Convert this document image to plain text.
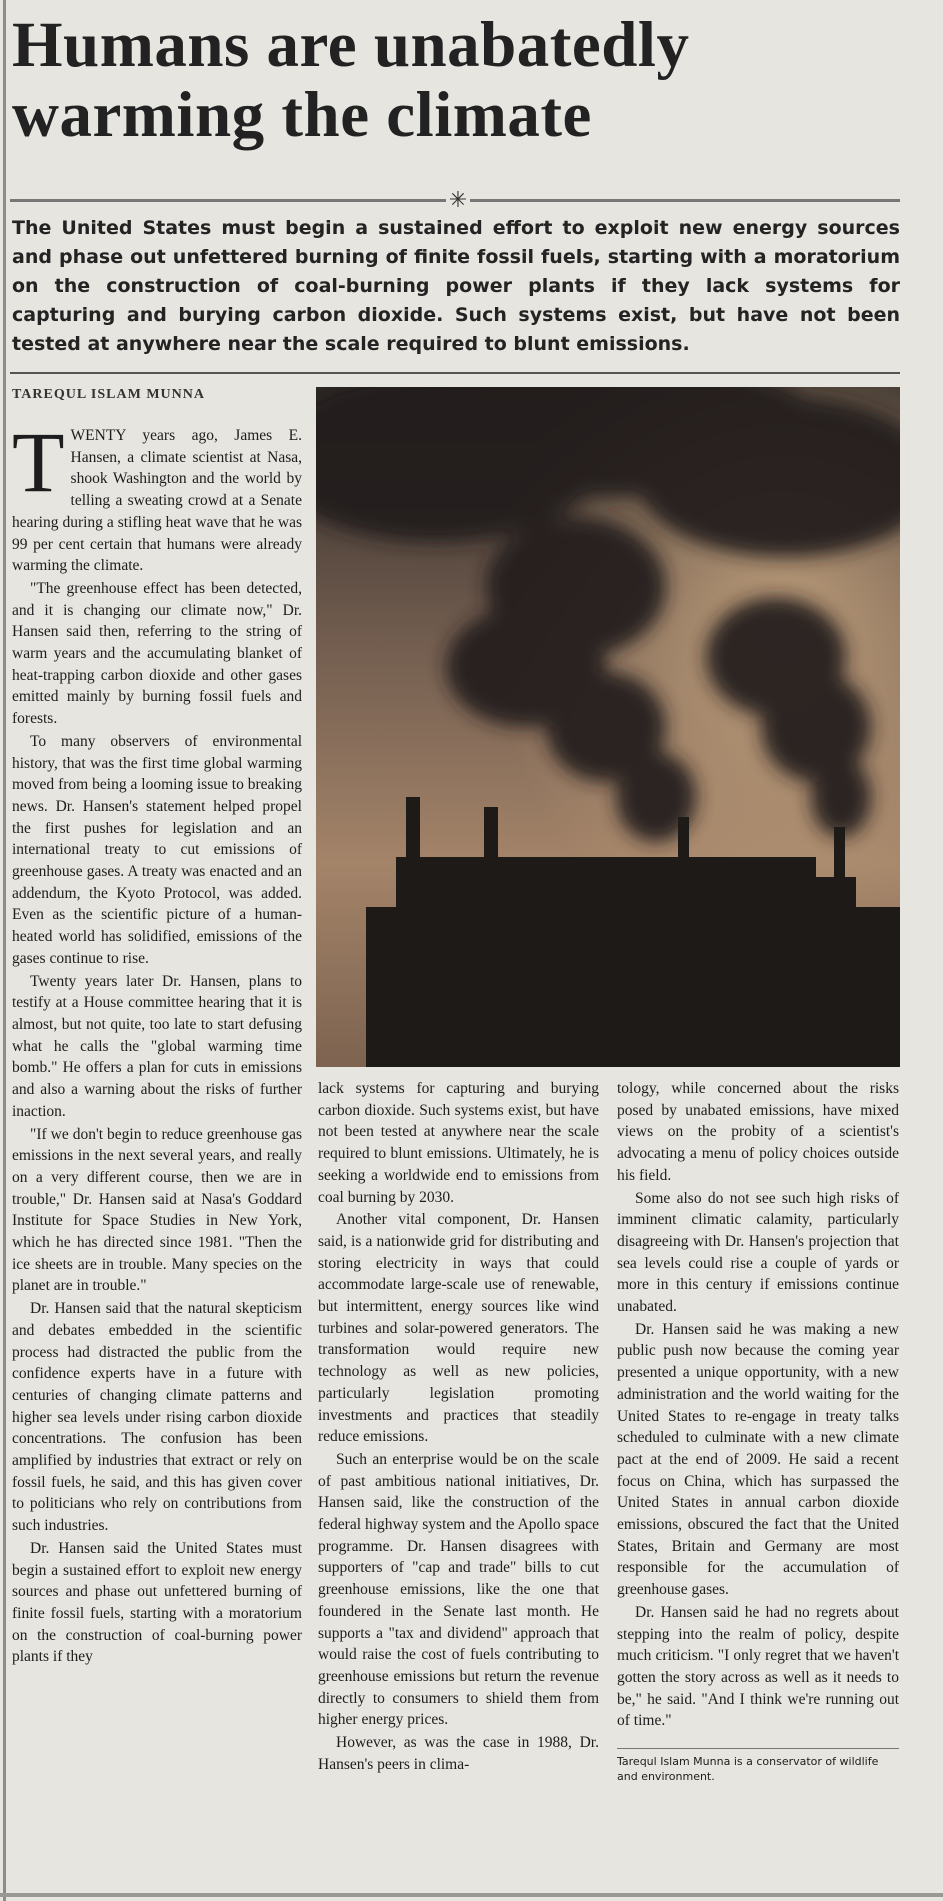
Humans are unabatedly warming the climate
✳

The United States must begin a sustained effort to exploit new energy sources and phase out unfettered burning of finite fossil fuels, starting with a moratorium on the construction of coal-burning power plants if they lack systems for capturing and burying carbon dioxide. Such systems exist, but have not been tested at anywhere near the scale required to blunt emissions.

TAREQUL ISLAM MUNNA

TWENTY years ago, James E. Hansen, a climate scientist at Nasa, shook Washington and the world by telling a sweating crowd at a Senate hearing during a stifling heat wave that he was 99 per cent certain that humans were already warming the climate.

"The greenhouse effect has been detected, and it is changing our climate now," Dr. Hansen said then, referring to the string of warm years and the accumulating blanket of heat-trapping carbon dioxide and other gases emitted mainly by burning fossil fuels and forests.

To many observers of environmental history, that was the first time global warming moved from being a looming issue to breaking news. Dr. Hansen's statement helped propel the first pushes for legislation and an international treaty to cut emissions of greenhouse gases. A treaty was enacted and an addendum, the Kyoto Protocol, was added. Even as the scientific picture of a human-heated world has solidified, emissions of the gases continue to rise.

Twenty years later Dr. Hansen, plans to testify at a House committee hearing that it is almost, but not quite, too late to start defusing what he calls the "global warming time bomb." He offers a plan for cuts in emissions and also a warning about the risks of further inaction.

"If we don't begin to reduce greenhouse gas emissions in the next several years, and really on a very different course, then we are in trouble," Dr. Hansen said at Nasa's Goddard Institute for Space Studies in New York, which he has directed since 1981. "Then the ice sheets are in trouble. Many species on the planet are in trouble."

Dr. Hansen said that the natural skepticism and debates embedded in the scientific process had distracted the public from the confidence experts have in a future with centuries of changing climate patterns and higher sea levels under rising carbon dioxide concentrations. The confusion has been amplified by industries that extract or rely on fossil fuels, he said, and this has given cover to politicians who rely on contributions from such industries.

Dr. Hansen said the United States must begin a sustained effort to exploit new energy sources and phase out unfettered burning of finite fossil fuels, starting with a moratorium on the construction of coal-burning power plants if they

lack systems for capturing and burying carbon dioxide. Such systems exist, but have not been tested at anywhere near the scale required to blunt emissions. Ultimately, he is seeking a worldwide end to emissions from coal burning by 2030.

Another vital component, Dr. Hansen said, is a nationwide grid for distributing and storing electricity in ways that could accommodate large-scale use of renewable, but intermittent, energy sources like wind turbines and solar-powered generators. The transformation would require new technology as well as new policies, particularly legislation promoting investments and practices that steadily reduce emissions.

Such an enterprise would be on the scale of past ambitious national initiatives, Dr. Hansen said, like the construction of the federal highway system and the Apollo space programme. Dr. Hansen disagrees with supporters of "cap and trade" bills to cut greenhouse emissions, like the one that foundered in the Senate last month. He supports a "tax and dividend" approach that would raise the cost of fuels contributing to greenhouse emissions but return the revenue directly to consumers to shield them from higher energy prices.

However, as was the case in 1988, Dr. Hansen's peers in clima-

tology, while concerned about the risks posed by unabated emissions, have mixed views on the probity of a scientist's advocating a menu of policy choices outside his field.

Some also do not see such high risks of imminent climatic calamity, particularly disagreeing with Dr. Hansen's projection that sea levels could rise a couple of yards or more in this century if emissions continue unabated.

Dr. Hansen said he was making a new public push now because the coming year presented a unique opportunity, with a new administration and the world waiting for the United States to re-engage in treaty talks scheduled to culminate with a new climate pact at the end of 2009. He said a recent focus on China, which has surpassed the United States in annual carbon dioxide emissions, obscured the fact that the United States, Britain and Germany are most responsible for the accumulation of greenhouse gases.

Dr. Hansen said he had no regrets about stepping into the realm of policy, despite much criticism. "I only regret that we haven't gotten the story across as well as it needs to be," he said. "And I think we're running out of time."

Tarequl Islam Munna is a conservator of wildlife and environment.
